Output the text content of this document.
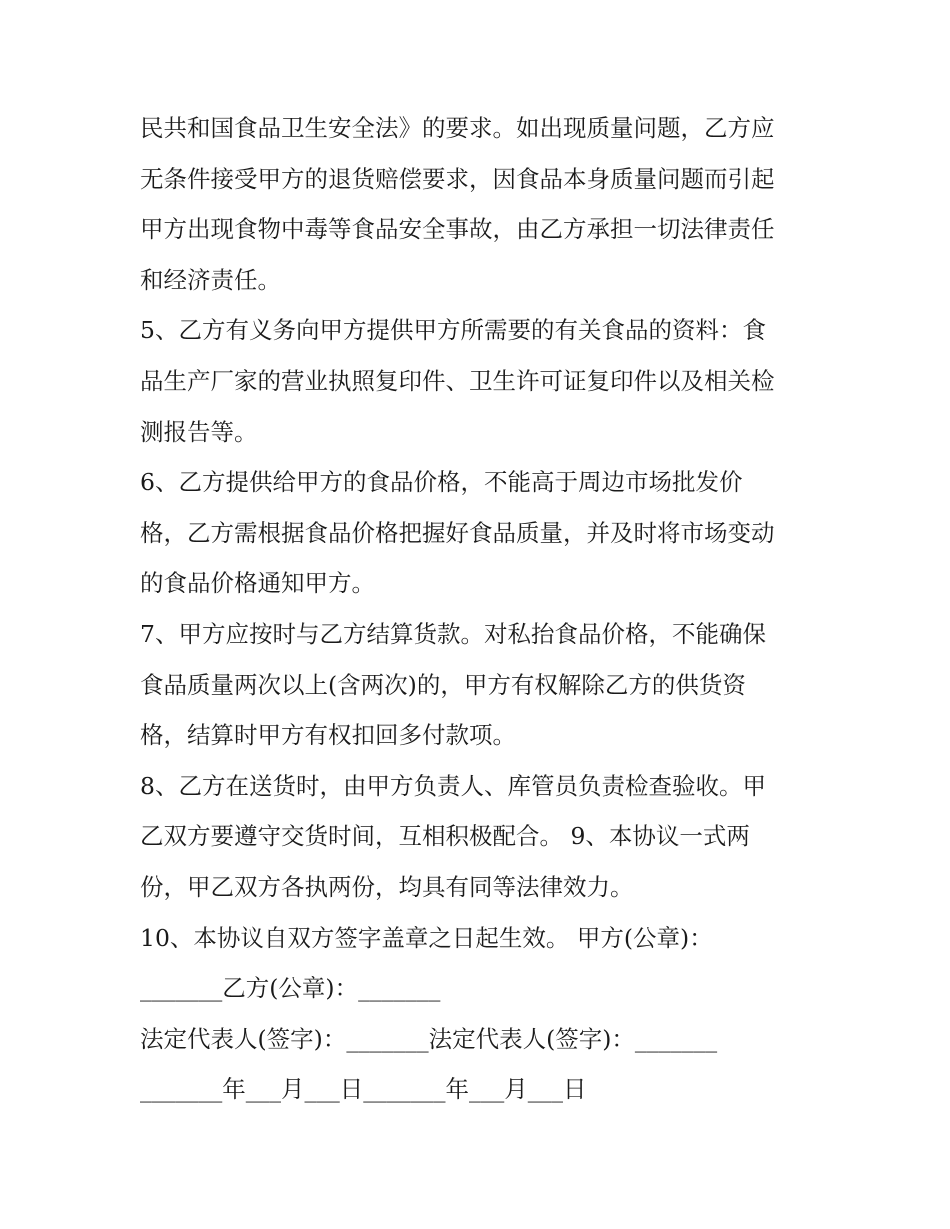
民共和国食品卫生安全法》的要求。如出现质量问题，乙方应
无条件接受甲方的退货赔偿要求，因食品本身质量问题而引起
甲方出现食物中毒等食品安全事故，由乙方承担一切法律责任
和经济责任。
5、乙方有义务向甲方提供甲方所需要的有关食品的资料：食
品生产厂家的营业执照复印件、卫生许可证复印件以及相关检
测报告等。
6、乙方提供给甲方的食品价格，不能高于周边市场批发价
格，乙方需根据食品价格把握好食品质量，并及时将市场变动
的食品价格通知甲方。
7、甲方应按时与乙方结算货款。对私抬食品价格，不能确保
食品质量两次以上(含两次)的，甲方有权解除乙方的供货资
格，结算时甲方有权扣回多付款项。
8、乙方在送货时，由甲方负责人、库管员负责检查验收。甲
乙双方要遵守交货时间，互相积极配合。 9、本协议一式两
份，甲乙双方各执两份，均具有同等法律效力。
10、本协议自双方签字盖章之日起生效。 甲方(公章)：
_______乙方(公章)：_______
法定代表人(签字)：_______法定代表人(签字)：_______
_______年___月___日_______年___月___日
